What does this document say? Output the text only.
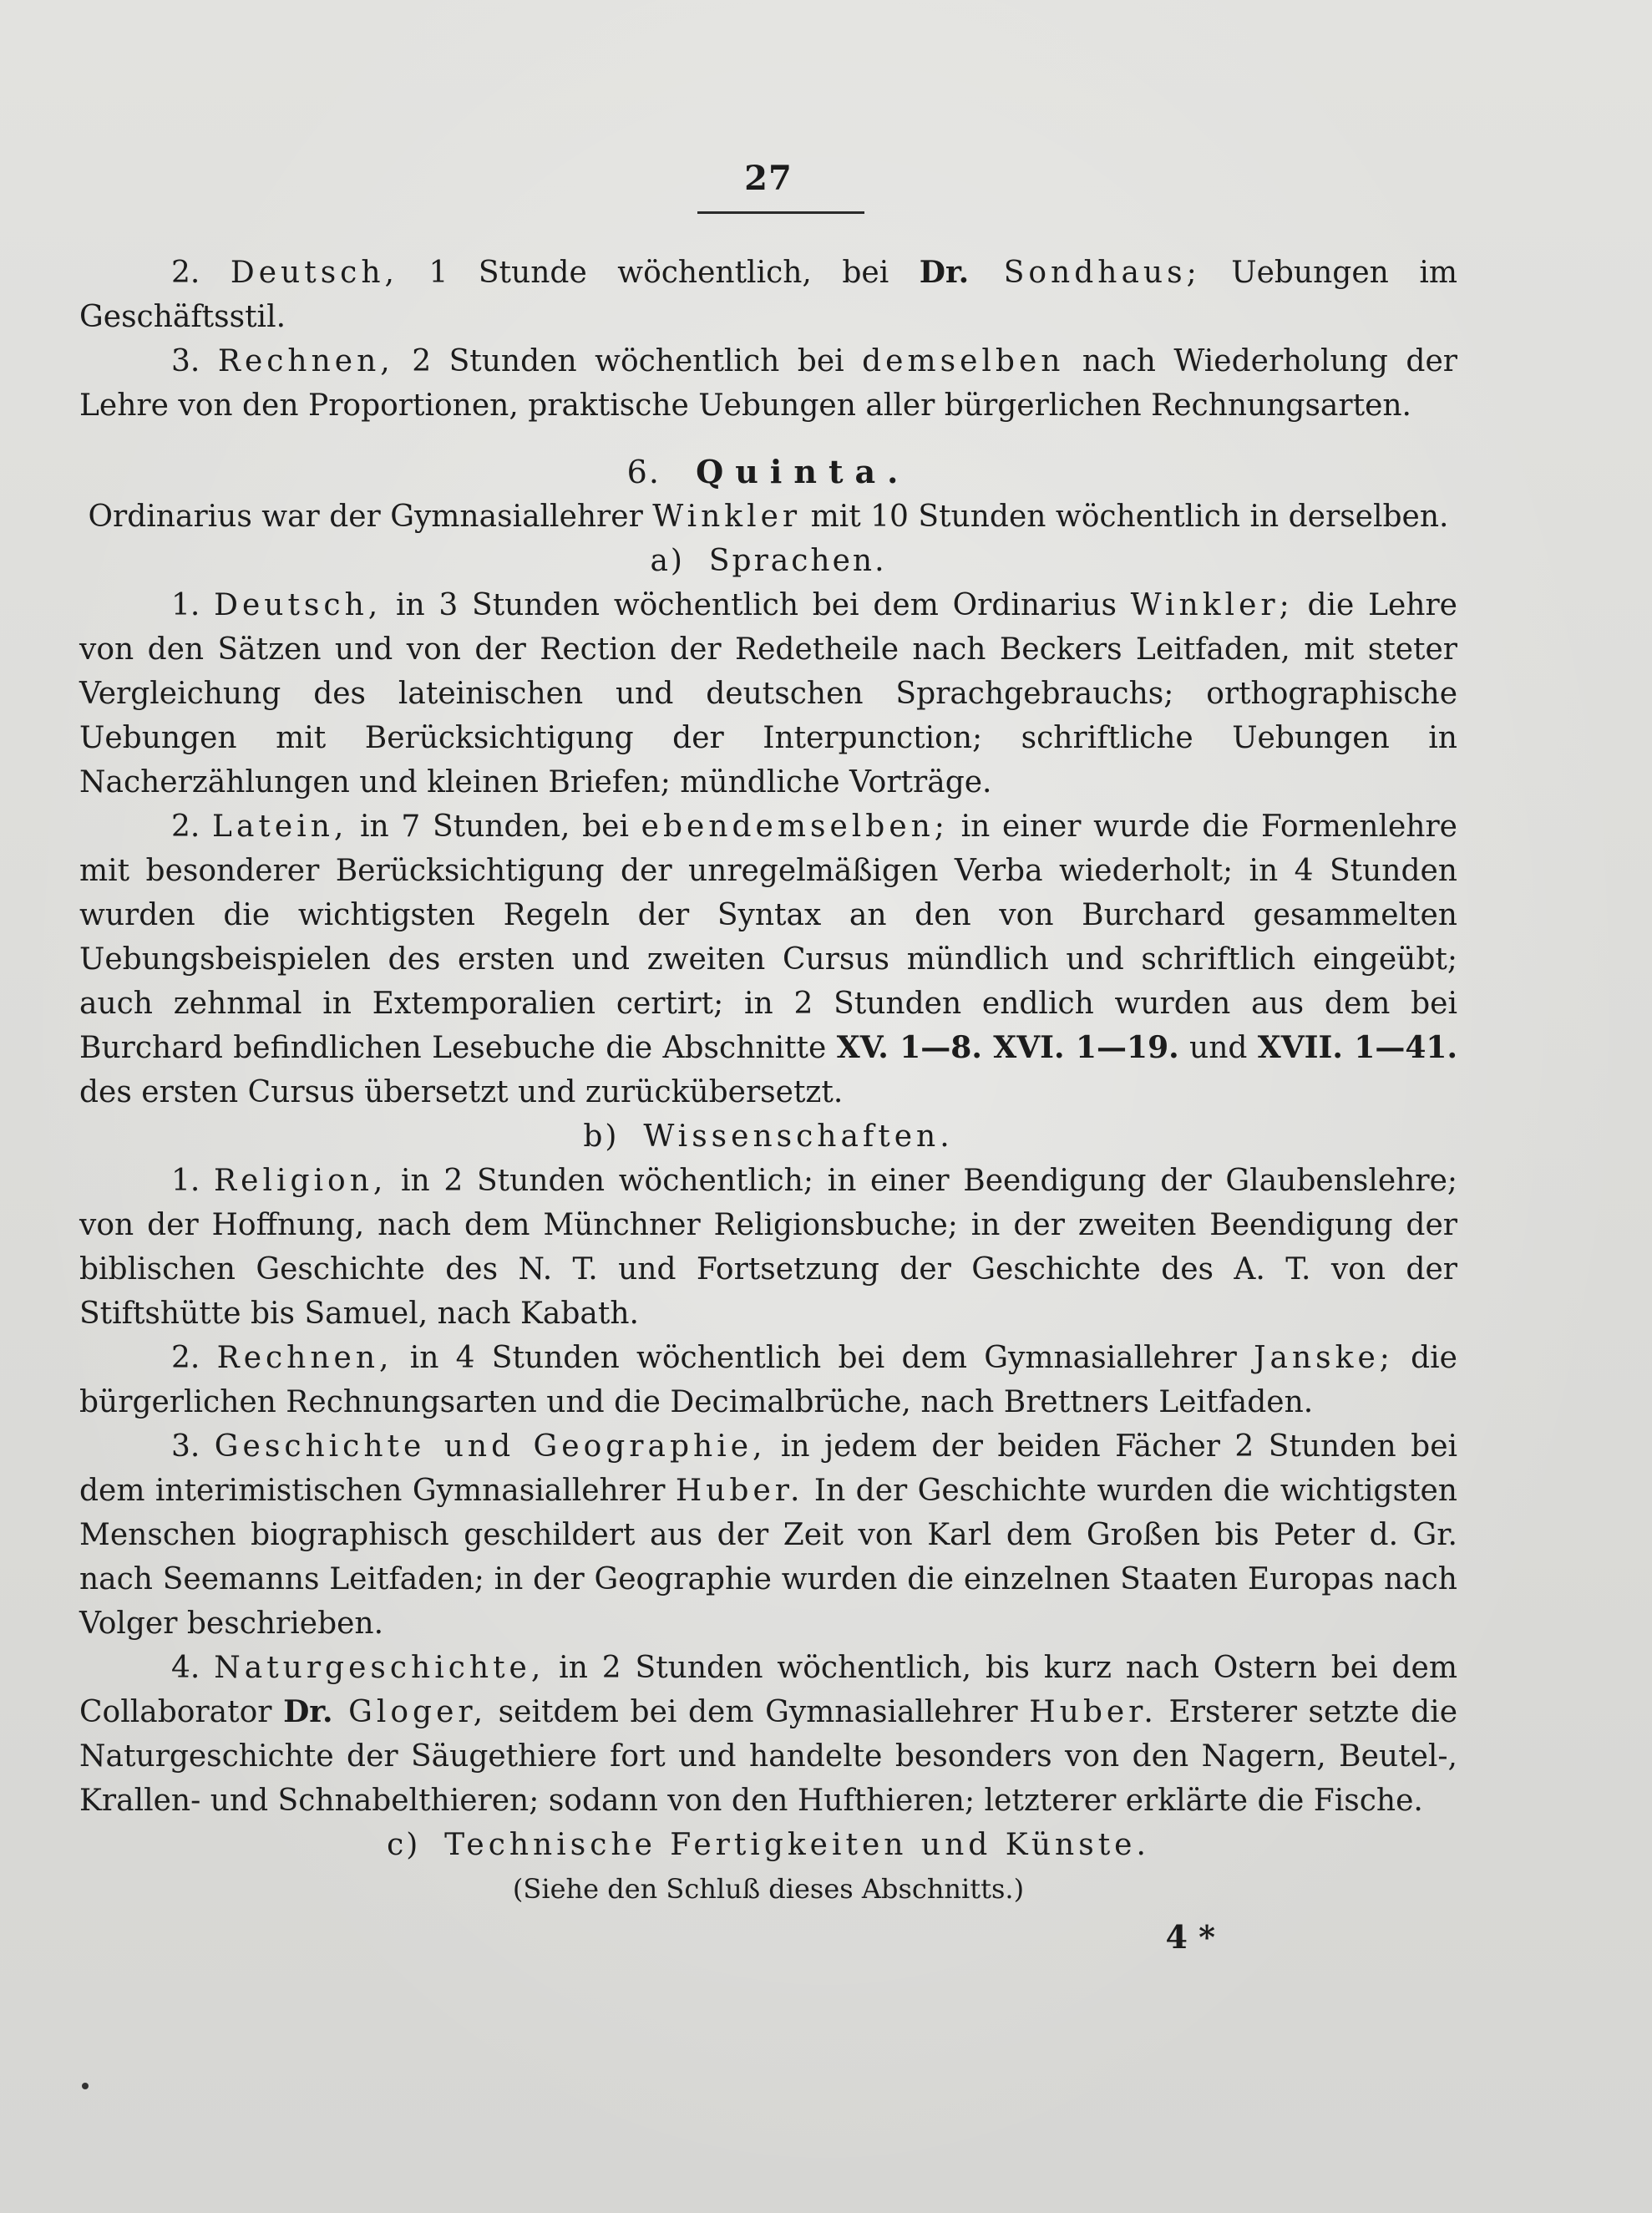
27

2. Deutsch, 1 Stunde wöchentlich, bei Dr. Sondhaus; Uebungen im Geschäftsstil.

3. Rechnen, 2 Stunden wöchentlich bei demselben nach Wiederholung der Lehre von den Proportionen, praktische Uebungen aller bürgerlichen Rechnungsarten.

6. Quinta.

Ordinarius war der Gymnasiallehrer Winkler mit 10 Stunden wöchentlich in derselben.

a) Sprachen.

1. Deutsch, in 3 Stunden wöchentlich bei dem Ordinarius Winkler; die Lehre von den Sätzen und von der Rection der Redetheile nach Beckers Leitfaden, mit steter Vergleichung des lateinischen und deutschen Sprachgebrauchs; orthographische Uebungen mit Berücksichtigung der Interpunction; schriftliche Uebungen in Nacherzählungen und kleinen Briefen; mündliche Vorträge.

2. Latein, in 7 Stunden, bei ebendemselben; in einer wurde die Formenlehre mit besonderer Berücksichtigung der unregelmäßigen Verba wiederholt; in 4 Stunden wurden die wichtigsten Regeln der Syntax an den von Burchard gesammelten Uebungsbeispielen des ersten und zweiten Cursus mündlich und schriftlich eingeübt; auch zehnmal in Extemporalien certirt; in 2 Stunden endlich wurden aus dem bei Burchard befindlichen Lesebuche die Abschnitte XV. 1—8. XVI. 1—19. und XVII. 1—41. des ersten Cursus übersetzt und zurückübersetzt.

b) Wissenschaften.

1. Religion, in 2 Stunden wöchentlich; in einer Beendigung der Glaubenslehre; von der Hoffnung, nach dem Münchner Religionsbuche; in der zweiten Beendigung der biblischen Geschichte des N. T. und Fortsetzung der Geschichte des A. T. von der Stiftshütte bis Samuel, nach Kabath.

2. Rechnen, in 4 Stunden wöchentlich bei dem Gymnasiallehrer Janske; die bürgerlichen Rechnungsarten und die Decimalbrüche, nach Brettners Leitfaden.

3. Geschichte und Geographie, in jedem der beiden Fächer 2 Stunden bei dem interimistischen Gymnasiallehrer Huber. In der Geschichte wurden die wichtigsten Menschen biographisch geschildert aus der Zeit von Karl dem Großen bis Peter d. Gr. nach Seemanns Leitfaden; in der Geographie wurden die einzelnen Staaten Europas nach Volger beschrieben.

4. Naturgeschichte, in 2 Stunden wöchentlich, bis kurz nach Ostern bei dem Collaborator Dr. Gloger, seitdem bei dem Gymnasiallehrer Huber. Ersterer setzte die Naturgeschichte der Säugethiere fort und handelte besonders von den Nagern, Beutel-, Krallen- und Schnabelthieren; sodann von den Hufthieren; letzterer erklärte die Fische.

c) Technische Fertigkeiten und Künste.

(Siehe den Schluß dieses Abschnitts.)

4 *
